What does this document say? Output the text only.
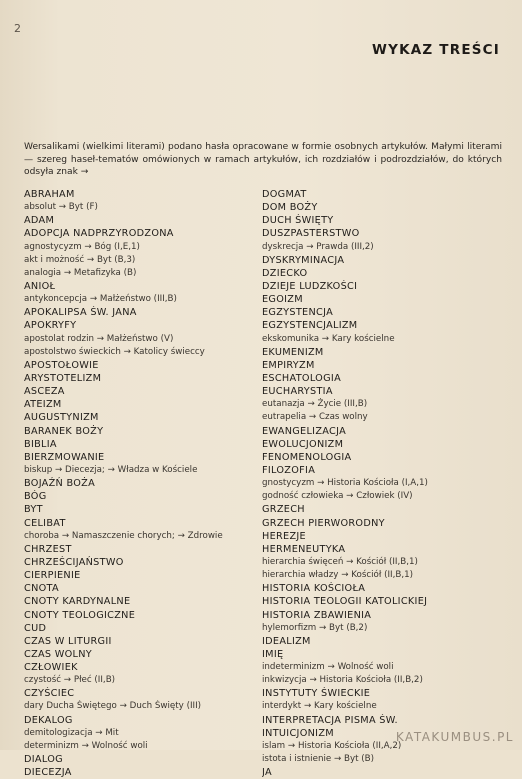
2
WYKAZ TREŚCI
Wersalikami (wielkimi literami) podano hasła opracowane w formie osobnych artykułów. Małymi literami — szereg haseł-tematów omówionych w ramach artykułów, ich rozdziałów i podrozdziałów, do których odsyła znak →
ABRAHAM
absolut → Byt (F)
ADAM
ADOPCJA NADPRZYRODZONA
agnostycyzm → Bóg (I,E,1)
akt i możność → Byt (B,3)
analogia → Metafizyka (B)
ANIOŁ
antykoncepcja → Małżeństwo (III,B)
APOKALIPSA ŚW. JANA
APOKRYFY
apostolat rodzin → Małżeństwo (V)
apostolstwo świeckich → Katolicy świeccy
APOSTOŁOWIE
ARYSTOTELIZM
ASCEZA
ATEIZM
AUGUSTYNIZM
BARANEK BOŻY
BIBLIA
BIERZMOWANIE
biskup → Diecezja; → Władza w Kościele
BOJAŹŃ BOŻA
BÓG
BYT
CELIBAT
choroba → Namaszczenie chorych; → Zdrowie
CHRZEST
CHRZEŚCIJAŃSTWO
CIERPIENIE
CNOTA
CNOTY KARDYNALNE
CNOTY TEOLOGICZNE
CUD
CZAS W LITURGII
CZAS WOLNY
CZŁOWIEK
czystość → Płeć (II,B)
CZYŚCIEC
dary Ducha Świętego → Duch Święty (III)
DEKALOG
demitologizacja → Mit
determinizm → Wolność woli
DIALOG
DIECEZJA
DOGMAT
DOM BOŻY
DUCH ŚWIĘTY
DUSZPASTERSTWO
dyskrecja → Prawda (III,2)
DYSKRYMINACJA
DZIECKO
DZIEJE LUDZKOŚCI
EGOIZM
EGZYSTENCJA
EGZYSTENCJALIZM
ekskomunika → Kary kościelne
EKUMENIZM
EMPIRYZM
ESCHATOLOGIA
EUCHARYSTIA
eutanazja → Życie (III,B)
eutrapelia → Czas wolny
EWANGELIZACJA
EWOLUCJONIZM
FENOMENOLOGIA
FILOZOFIA
gnostycyzm → Historia Kościoła (I,A,1)
godność człowieka → Człowiek (IV)
GRZECH
GRZECH PIERWORODNY
HEREZJE
HERMENEUTYKA
hierarchia święceń → Kościół (II,B,1)
hierarchia władzy → Kościół (II,B,1)
HISTORIA KOŚCIOŁA
HISTORIA TEOLOGII KATOLICKIEJ
HISTORIA ZBAWIENIA
hylemorfizm → Byt (B,2)
IDEALIZM
IMIĘ
indeterminizm → Wolność woli
inkwizycja → Historia Kościoła (II,B,2)
INSTYTUTY ŚWIECKIE
interdykt → Kary kościelne
INTERPRETACJA PISMA ŚW.
INTUICJONIZM
islam → Historia Kościoła (II,A,2)
istota i istnienie → Byt (B)
JA
KATAKUMBUS.PL
